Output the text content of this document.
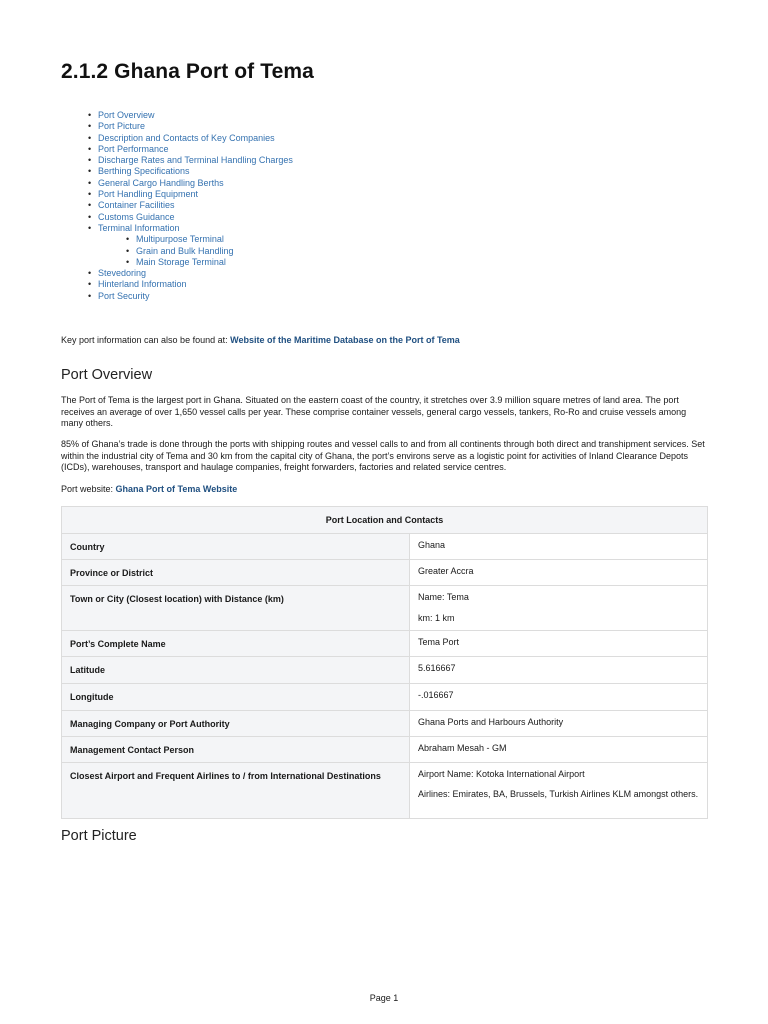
2.1.2 Ghana Port of Tema
• Port Overview
• Port Picture
• Description and Contacts of Key Companies
• Port Performance
• Discharge Rates and Terminal Handling Charges
• Berthing Specifications
• General Cargo Handling Berths
• Port Handling Equipment
• Container Facilities
• Customs Guidance
• Terminal Information
• Multipurpose Terminal
• Grain and Bulk Handling
• Main Storage Terminal
• Stevedoring
• Hinterland Information
• Port Security
Key port information can also be found at: Website of the Maritime Database on the Port of Tema
Port Overview

The Port of Tema is the largest port in Ghana. Situated on the eastern coast of the country, it stretches over 3.9 million square metres of land area. The port receives an average of over 1,650 vessel calls per year. These comprise container vessels, general cargo vessels, tankers, Ro-Ro and cruise vessels among many others.

85% of Ghana’s trade is done through the ports with shipping routes and vessel calls to and from all continents through both direct and transhipment services. Set within the industrial city of Tema and 30 km from the capital city of Ghana, the port’s environs serve as a logistic point for activities of Inland Clearance Depots (ICDs), warehouses, transport and haulage companies, freight forwarders, factories and related service centres.

Port website: Ghana Port of Tema Website

Port Location and Contacts	
Country	Ghana
Province or District	Greater Accra
Town or City (Closest location) with Distance (km)	Name: Tema
km: 1 km

Port’s Complete Name	Tema Port
Latitude	5.616667
Longitude	-.016667
Managing Company or Port Authority	Ghana Ports and Harbours Authority
Management Contact Person	Abraham Mesah - GM
Closest Airport and Frequent Airlines to / from International Destinations	Airport Name: Kotoka International Airport
Airlines: Emirates, BA, Brussels, Turkish Airlines KLM amongst others.
Port Picture
Page 1
